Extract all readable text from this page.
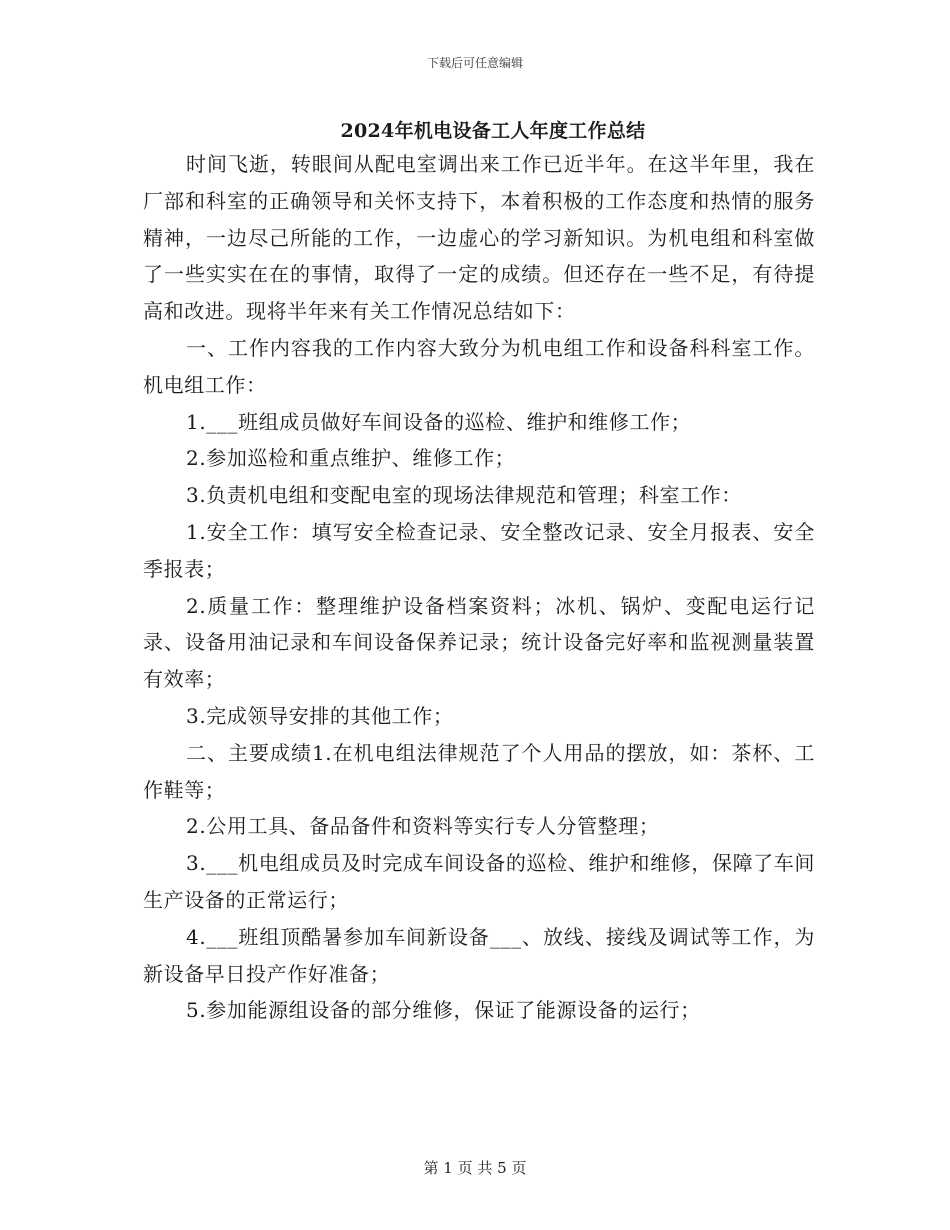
下载后可任意编辑
2024年机电设备工人年度工作总结

时间飞逝，转眼间从配电室调出来工作已近半年。在这半年里，我在厂部和科室的正确领导和关怀支持下，本着积极的工作态度和热情的服务精神，一边尽己所能的工作，一边虚心的学习新知识。为机电组和科室做了一些实实在在的事情，取得了一定的成绩。但还存在一些不足，有待提高和改进。现将半年来有关工作情况总结如下：

一、工作内容我的工作内容大致分为机电组工作和设备科科室工作。机电组工作：

1.___班组成员做好车间设备的巡检、维护和维修工作；

2.参加巡检和重点维护、维修工作；

3.负责机电组和变配电室的现场法律规范和管理；科室工作：

1.安全工作：填写安全检查记录、安全整改记录、安全月报表、安全季报表；

2.质量工作：整理维护设备档案资料；冰机、锅炉、变配电运行记录、设备用油记录和车间设备保养记录；统计设备完好率和监视测量装置有效率；

3.完成领导安排的其他工作；

二、主要成绩1.在机电组法律规范了个人用品的摆放，如：茶杯、工作鞋等；

2.公用工具、备品备件和资料等实行专人分管整理；

3.___机电组成员及时完成车间设备的巡检、维护和维修，保障了车间生产设备的正常运行；

4.___班组顶酷暑参加车间新设备___、放线、接线及调试等工作，为新设备早日投产作好准备；

5.参加能源组设备的部分维修，保证了能源设备的运行；

第 1 页 共 5 页
